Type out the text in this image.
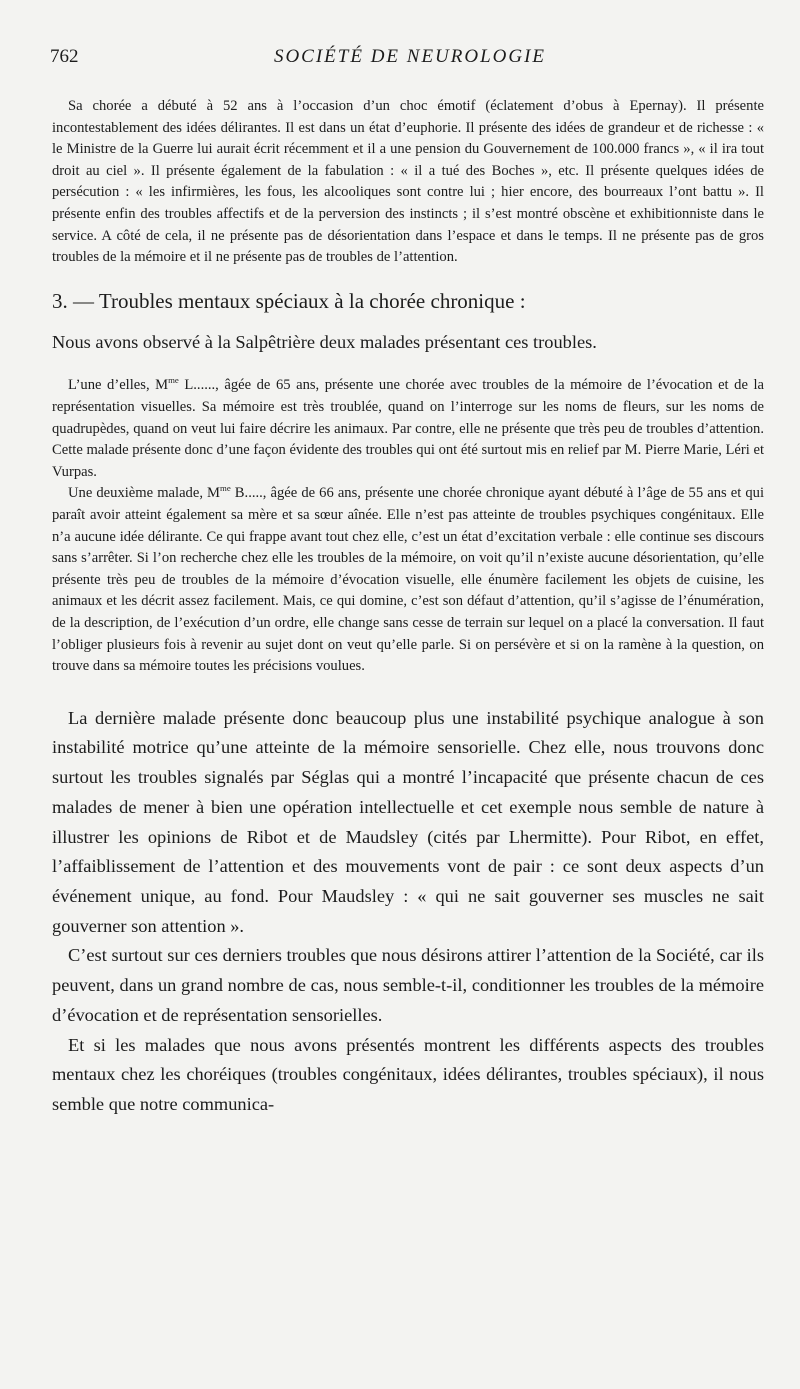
762	SOCIÉTÉ DE NEUROLOGIE

Sa chorée a débuté à 52 ans à l’occasion d’un choc émotif (éclatement d’obus à Epernay). Il présente incontestablement des idées délirantes. Il est dans un état d’euphorie. Il présente des idées de grandeur et de richesse : « le Ministre de la Guerre lui aurait écrit récemment et il a une pension du Gouvernement de 100.000 francs », « il ira tout droit au ciel ». Il présente également de la fabulation : « il a tué des Boches », etc. Il présente quelques idées de persécution : « les infirmières, les fous, les alcooliques sont contre lui ; hier encore, des bourreaux l’ont battu ». Il présente enfin des troubles affectifs et de la perversion des instincts ; il s’est montré obscène et exhibitionniste dans le service. A côté de cela, il ne présente pas de désorientation dans l’espace et dans le temps. Il ne présente pas de gros troubles de la mémoire et il ne présente pas de troubles de l’attention.

3. — Troubles mentaux spéciaux à la chorée chronique :

Nous avons observé à la Salpêtrière deux malades présentant ces troubles.

L’une d’elles, $M^{me}$ L......, âgée de 65 ans, présente une chorée avec troubles de la mémoire de l’évocation et de la représentation visuelles. Sa mémoire est très troublée, quand on l’interroge sur les noms de fleurs, sur les noms de quadrupèdes, quand on veut lui faire décrire les animaux. Par contre, elle ne présente que très peu de troubles d’attention. Cette malade présente donc d’une façon évidente des troubles qui ont été surtout mis en relief par M. Pierre Marie, Léri et Vurpas.

Une deuxième malade, $M^{me}$ B....., âgée de 66 ans, présente une chorée chronique ayant débuté à l’âge de 55 ans et qui paraît avoir atteint également sa mère et sa sœur aînée. Elle n’est pas atteinte de troubles psychiques congénitaux. Elle n’a aucune idée délirante. Ce qui frappe avant tout chez elle, c’est un état d’excitation verbale : elle continue ses discours sans s’arrêter. Si l’on recherche chez elle les troubles de la mémoire, on voit qu’il n’existe aucune désorientation, qu’elle présente très peu de troubles de la mémoire d’évocation visuelle, elle énumère facilement les objets de cuisine, les animaux et les décrit assez facilement. Mais, ce qui domine, c’est son défaut d’attention, qu’il s’agisse de l’énumération, de la description, de l’exécution d’un ordre, elle change sans cesse de terrain sur lequel on a placé la conversation. Il faut l’obliger plusieurs fois à revenir au sujet dont on veut qu’elle parle. Si on persévère et si on la ramène à la question, on trouve dans sa mémoire toutes les précisions voulues.

La dernière malade présente donc beaucoup plus une instabilité psychique analogue à son instabilité motrice qu’une atteinte de la mémoire sensorielle. Chez elle, nous trouvons donc surtout les troubles signalés par Séglas qui a montré l’incapacité que présente chacun de ces malades de mener à bien une opération intellectuelle et cet exemple nous semble de nature à illustrer les opinions de Ribot et de Maudsley (cités par Lhermitte). Pour Ribot, en effet, l’affaiblissement de l’attention et des mouvements vont de pair : ce sont deux aspects d’un événement unique, au fond. Pour Maudsley : « qui ne sait gouverner ses muscles ne sait gouverner son attention ».

C’est surtout sur ces derniers troubles que nous désirons attirer l’attention de la Société, car ils peuvent, dans un grand nombre de cas, nous semble-t-il, conditionner les troubles de la mémoire d’évocation et de représentation sensorielles.

Et si les malades que nous avons présentés montrent les différents aspects des troubles mentaux chez les choréiques (troubles congénitaux, idées délirantes, troubles spéciaux), il nous semble que notre communica-
